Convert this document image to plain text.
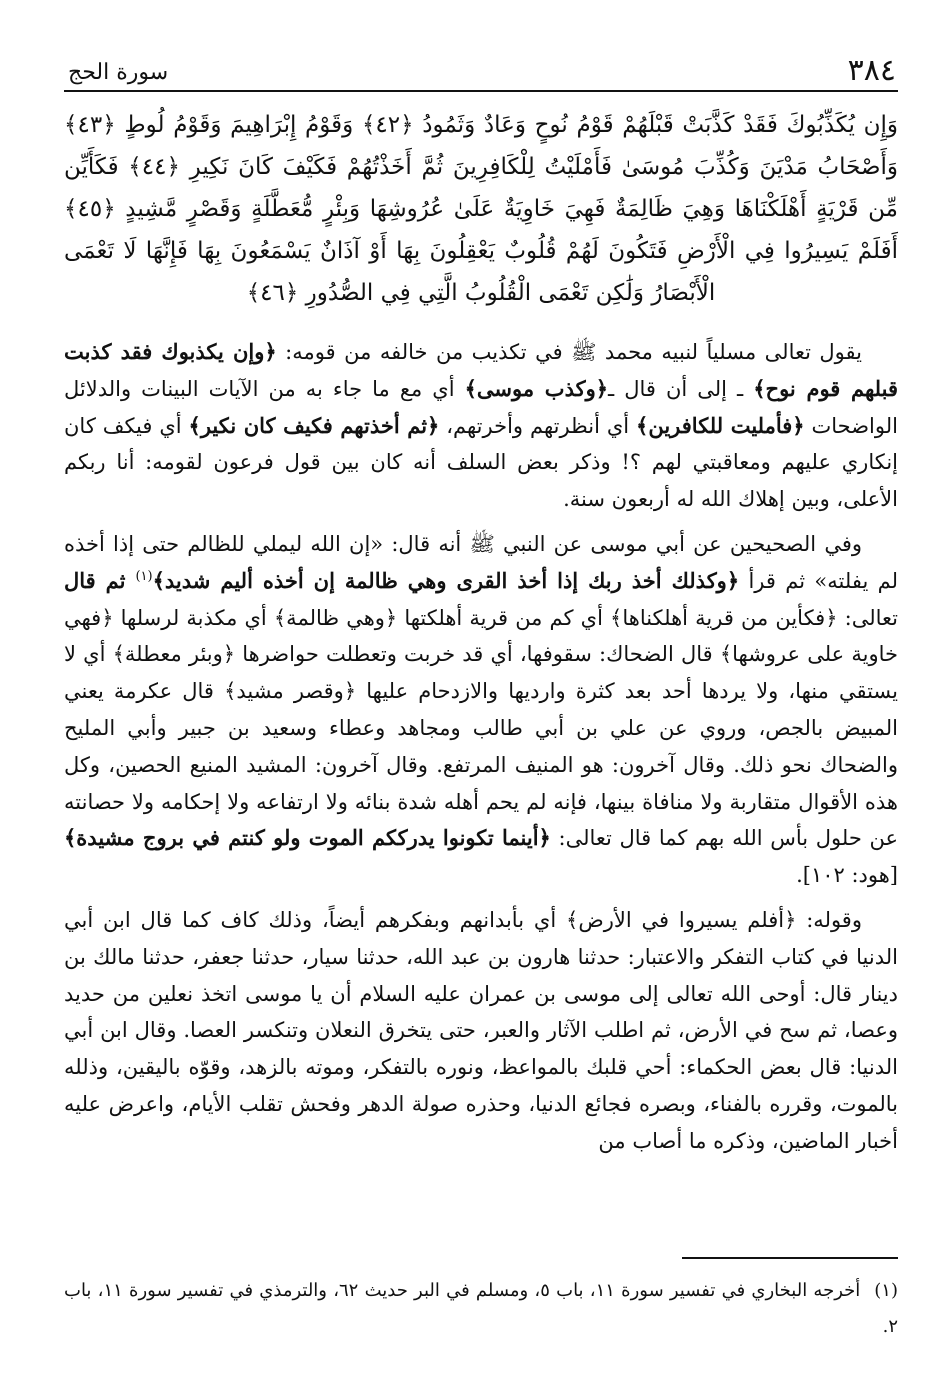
٣٨٤
سورة الحج
وَإِن يُكَذِّبُوكَ فَقَدْ كَذَّبَتْ قَبْلَهُمْ قَوْمُ نُوحٍ وَعَادٌ وَثَمُودُ ﴿٤٢﴾ وَقَوْمُ إِبْرَاهِيمَ وَقَوْمُ لُوطٍ ﴿٤٣﴾ وَأَصْحَابُ مَدْيَنَ وَكُذِّبَ مُوسَىٰ فَأَمْلَيْتُ لِلْكَافِرِينَ ثُمَّ أَخَذْتُهُمْ فَكَيْفَ كَانَ نَكِيرِ ﴿٤٤﴾ فَكَأَيِّن مِّن قَرْيَةٍ أَهْلَكْنَاهَا وَهِيَ ظَالِمَةٌ فَهِيَ خَاوِيَةٌ عَلَىٰ عُرُوشِهَا وَبِئْرٍ مُّعَطَّلَةٍ وَقَصْرٍ مَّشِيدٍ ﴿٤٥﴾ أَفَلَمْ يَسِيرُوا فِي الْأَرْضِ فَتَكُونَ لَهُمْ قُلُوبٌ يَعْقِلُونَ بِهَا أَوْ آذَانٌ يَسْمَعُونَ بِهَا فَإِنَّهَا لَا تَعْمَى الْأَبْصَارُ وَلَٰكِن تَعْمَى الْقُلُوبُ الَّتِي فِي الصُّدُورِ ﴿٤٦﴾

يقول تعالى مسلياً لنبيه محمد ﷺ في تكذيب من خالفه من قومه: ﴿وإن يكذبوك فقد كذبت قبلهم قوم نوح﴾ ـ إلى أن قال ـ﴿وكذب موسى﴾ أي مع ما جاء به من الآيات البينات والدلائل الواضحات ﴿فأمليت للكافرين﴾ أي أنظرتهم وأخرتهم، ﴿ثم أخذتهم فكيف كان نكير﴾ أي فيكف كان إنكاري عليهم ومعاقبتي لهم ؟! وذكر بعض السلف أنه كان بين قول فرعون لقومه: أنا ربكم الأعلى، وبين إهلاك الله له أربعون سنة.

وفي الصحيحين عن أبي موسى عن النبي ﷺ أنه قال: «إن الله ليملي للظالم حتى إذا أخذه لم يفلته» ثم قرأ ﴿وكذلك أخذ ربك إذا أخذ القرى وهي ظالمة إن أخذه أليم شديد﴾$^{(١)}$ ثم قال تعالى: ﴿فكأين من قرية أهلكناها﴾ أي كم من قرية أهلكتها ﴿وهي ظالمة﴾ أي مكذبة لرسلها ﴿فهي خاوية على عروشها﴾ قال الضحاك: سقوفها، أي قد خربت وتعطلت حواضرها ﴿وبئر معطلة﴾ أي لا يستقي منها، ولا يردها أحد بعد كثرة وارديها والازدحام عليها ﴿وقصر مشيد﴾ قال عكرمة يعني المبيض بالجص، وروي عن علي بن أبي طالب ومجاهد وعطاء وسعيد بن جبير وأبي المليح والضحاك نحو ذلك. وقال آخرون: هو المنيف المرتفع. وقال آخرون: المشيد المنيع الحصين، وكل هذه الأقوال متقاربة ولا منافاة بينها، فإنه لم يحم أهله شدة بنائه ولا ارتفاعه ولا إحكامه ولا حصانته عن حلول بأس الله بهم كما قال تعالى: ﴿أينما تكونوا يدرككم الموت ولو كنتم في بروج مشيدة﴾ [هود: ١٠٢].

وقوله: ﴿أفلم يسيروا في الأرض﴾ أي بأبدانهم وبفكرهم أيضاً، وذلك كاف كما قال ابن أبي الدنيا في كتاب التفكر والاعتبار: حدثنا هارون بن عبد الله، حدثنا سيار، حدثنا جعفر، حدثنا مالك بن دينار قال: أوحى الله تعالى إلى موسى بن عمران عليه السلام أن يا موسى اتخذ نعلين من حديد وعصا، ثم سح في الأرض، ثم اطلب الآثار والعبر، حتى يتخرق النعلان وتنكسر العصا. وقال ابن أبي الدنيا: قال بعض الحكماء: أحي قلبك بالمواعظ، ونوره بالتفكر، وموته بالزهد، وقوّه باليقين، وذلله بالموت، وقرره بالفناء، وبصره فجائع الدنيا، وحذره صولة الدهر وفحش تقلب الأيام، واعرض عليه أخبار الماضين، وذكره ما أصاب من

(١)أخرجه البخاري في تفسير سورة ١١، باب ٥، ومسلم في البر حديث ٦٢، والترمذي في تفسير سورة ١١، باب ٢.
